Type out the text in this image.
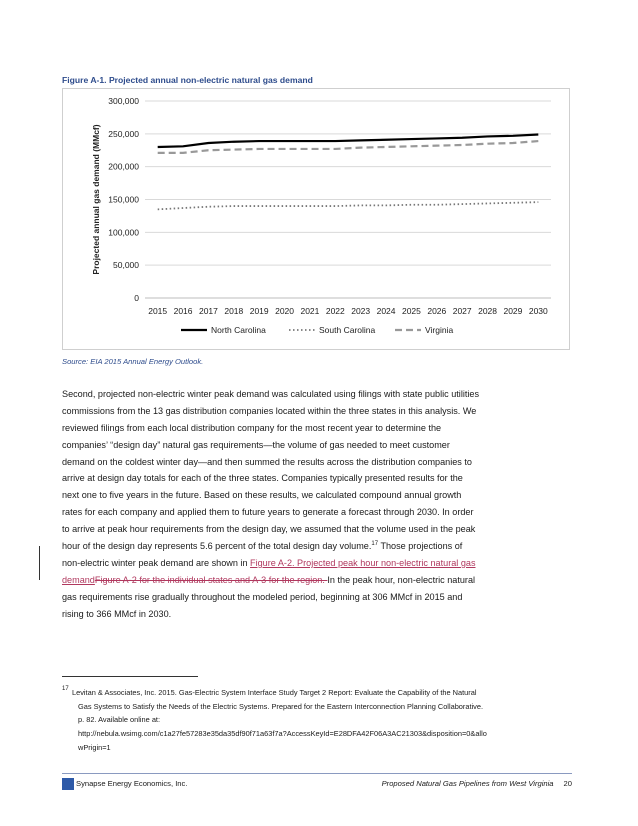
Figure A-1. Projected annual non-electric natural gas demand
0
50,000
100,000
150,000
200,000
250,000
300,000
2015 2016 2017 2018 2019 2020 2021 2022 2023 2024 2025 2026 2027 2028 2029 2030
Projected annual gas demand (MMcf)
North Carolina	South Carolina	Virginia
Source: EIA 2015 Annual Energy Outlook.
Second, projected non-electric winter peak demand was calculated using filings with state public utilities
commissions from the 13 gas distribution companies located within the three states in this analysis. We
reviewed filings from each local distribution company for the most recent year to determine the
companies’ “design day” natural gas requirements—the volume of gas needed to meet customer
demand on the coldest winter day—and then summed the results across the distribution companies to
arrive at design day totals for each of the three states. Companies typically presented results for the
next one to five years in the future. Based on these results, we calculated compound annual growth
rates for each company and applied them to future years to generate a forecast through 2030. In order
to arrive at peak hour requirements from the design day, we assumed that the volume used in the peak
hour of the design day represents 5.6 percent of the total design day volume.$^{17}$ Those projections of
non-electric winter peak demand are shown in Figure A-2. Projected peak hour non-electric natural gas
demandFigure A-2 for the individual states and A-3 for the region. In the peak hour, non-electric natural
gas requirements rise gradually throughout the modeled period, beginning at 306 MMcf in 2015 and
rising to 366 MMcf in 2030.
17 Levitan & Associates, Inc. 2015. Gas-Electric System Interface Study Target 2 Report: Evaluate the Capability of the Natural
Gas Systems to Satisfy the Needs of the Electric Systems. Prepared for the Eastern Interconnection Planning Collaborative.
p. 82. Available online at:
http://nebula.wsimg.com/c1a27fe57283e35da35df90f71a63f7a?AccessKeyId=E28DFA42F06A3AC21303&disposition=0&allo
wPrigin=1
Synapse Energy Economics, Inc.	Proposed Natural Gas Pipelines from West Virginia 20
